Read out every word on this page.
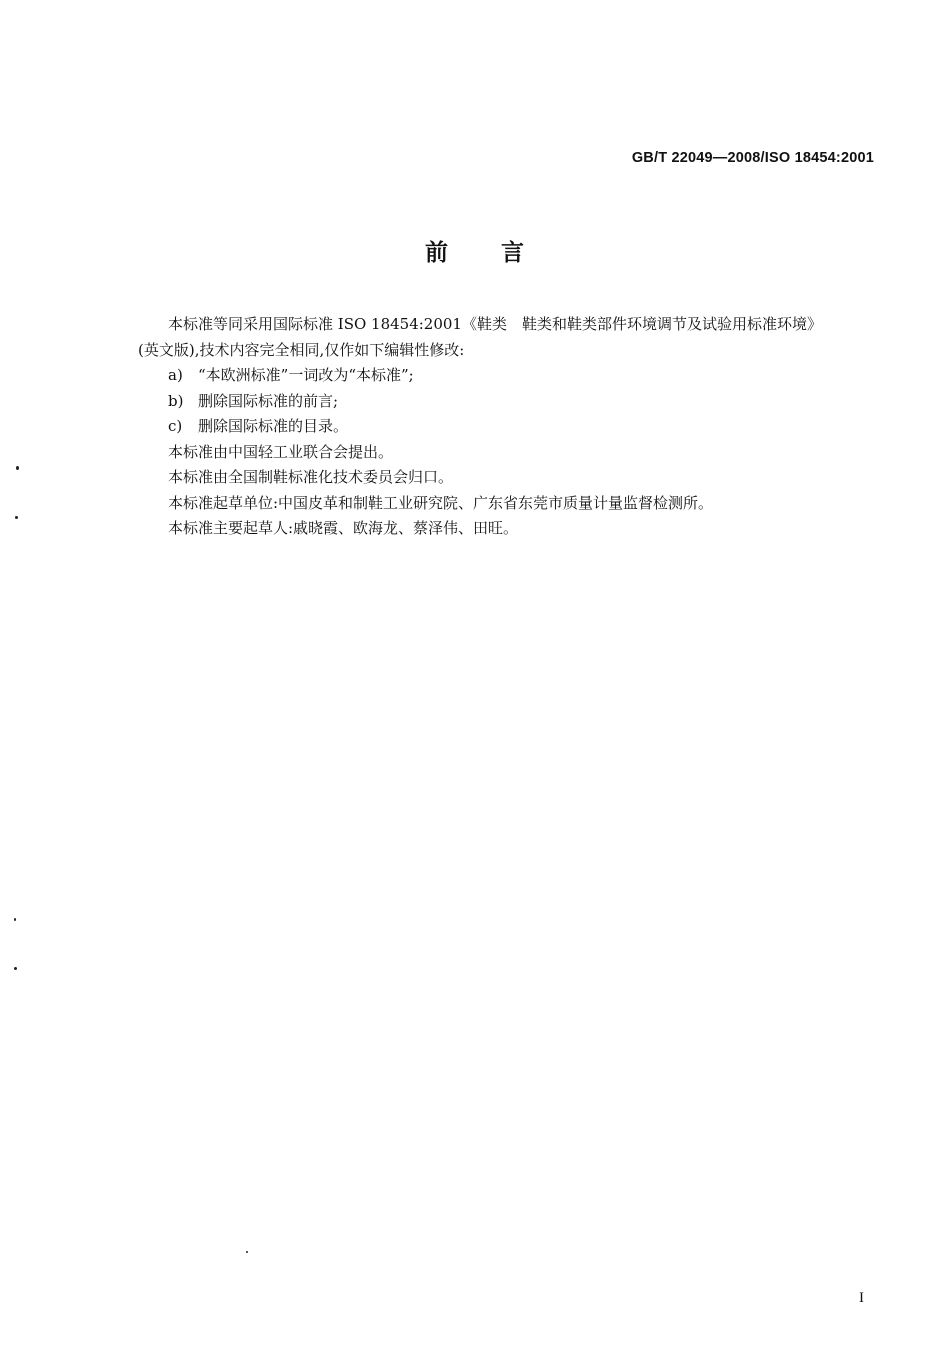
GB/T 22049—2008/ISO 18454:2001
前 言

本标准等同采用国际标准 ISO 18454:2001《鞋类　鞋类和鞋类部件环境调节及试验用标准环境》

(英文版),技术内容完全相同,仅作如下编辑性修改:

a) “本欧洲标准”一词改为“本标准”;

b) 删除国际标准的前言;

c) 删除国际标准的目录。

本标准由中国轻工业联合会提出。

本标准由全国制鞋标准化技术委员会归口。

本标准起草单位:中国皮革和制鞋工业研究院、广东省东莞市质量计量监督检测所。

本标准主要起草人:戚晓霞、欧海龙、蔡泽伟、田旺。

I
